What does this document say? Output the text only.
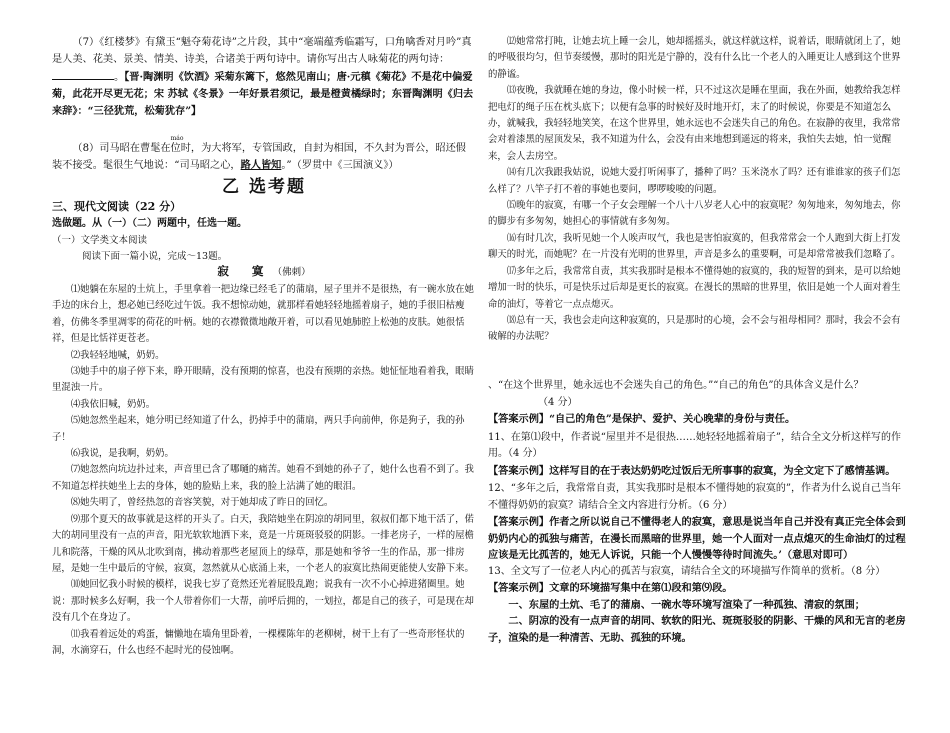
（7）《红楼梦》有黛玉“魁夺菊花诗”之片段，其中“毫端蕴秀临霜写，口角噙香对月吟”真是人美、花美、景美、情美、诗美，合诸美于两句诗中。请你写出古人咏菊花的两句诗：。【晋·陶渊明《饮酒》采菊东篱下，悠然见南山；唐·元稹《菊花》不是花中偏爱菊，此花开尽更无花；宋 苏轼《冬景》一年好景君须记，最是橙黄橘绿时；东晋陶渊明《归去来辞》：“三径犹荒，松菊犹存”】

（8）司马昭在曹
máo
髦在位时，为大将军，专管国政，自封为相国，不久封为晋公，昭还假装不接受。髦很生气地说：“司马昭之心，路人皆知。”（罗贯中《三国演义》）

乙 选考题
三、现代文阅读（22 分）
选做题。从（一）（二）两题中，任选一题。
（一）文学类文本阅读
阅读下面一篇小说，完成～13题。
寂　　寞 （佛刺）

⑴她躺在东屋的土炕上，手里拿着一把边缘已经毛了的蒲扇，屋子里并不是很热，有一碗水放在她手边的床台上，想必她已经吃过午饭。我不想惊动她，就那样看她轻轻地摇着扇子，她的手很旧枯瘦着，仿佛冬季里凋零的荷花的叶柄。她的衣襟微微地敞开着，可以看见她肺腔上松弛的皮肤。她很恬祥，但是比恬祥更苍老。

⑵我轻轻地喊，奶奶。

⑶她手中的扇子停下来，睁开眼睛，没有预期的惊喜，也没有预期的亲热。她怔怔地看着我，眼睛里混浊一片。

⑷我依旧喊，奶奶。

⑸她忽然坐起来，她分明已经知道了什么，扔掉手中的蒲扇，两只手向前伸，你是狗子，我的孙子！

⑹我说，是我啊，奶奶。

⑺她忽然向坑边扑过来，声音里已含了哪嗵的痛苦。她看不到她的孙子了，她什么也看不到了。我不知道怎样扶她坐上去的身体，她的脸贴上来，我的脸上沾满了她的眼泪。

⑻她失明了，曾经热忽的音容笑貌，对于她却成了昨日的回忆。

⑼那个夏天的故事就是这样的开头了。白天，我陪她坐在阴凉的胡同里，叙叔们都下地干活了，偌大的胡同里没有一点的声音，阳光软软地洒下来，竟是一片斑斑驳驳的阴影。一排老房子，一样的屋檐儿和院落，干燥的风从北吹到南，拂动着那些老屋顶上的绿草，那是她和爷爷一生的作品，那一排房屋，是她一生中最后的守候，寂寞，忽然就从心底涌上来，一个老人的寂寞比热闹更能使人安静下来。

⑽她回忆我小时候的模样，说我七岁了竟然还光着屁股乱跑；说我有一次不小心掉进猪圈里。她说：那时候多么好啊，我一个人带着你们一大帮，前呼后拥的，一划拉，都是自己的孩子，可是现在却没有几个在身边了。

⑾我看着远处的鸡蛋，慵懒地在墙角里卧着，一棵棵陈年的老柳树，树干上有了一些奇形怪状的洞，水滴穿石，什么也经不起时光的侵蚀啊。

⑿她常常打盹，让她去坑上睡一会儿，她却摇摇头，就这样就这样，说着话，眼睛就闭上了，她的呼吸很均匀，但节奏缓慢，那时的阳光是宁静的，没有什么比一个老人的入睡更让人感到这个世界的静谧。

⒀夜晚，我就睡在她的身边，像小时候一样，只不过这次是睡在里面，我在外面，她教给我怎样把电灯的绳子压在枕头底下；以便有急事的时候好及时地开灯，末了的时候说，你要是不知道怎么办，就喊我，我轻轻地笑笑，在这个世界里，她永远也不会迷失自己的角色。在寂静的夜里，我常常会对着漆黑的屋顶发呆，我不知道为什么，会没有由来地想到遥远的将来，我怕失去她，怕一觉醒来，会人去房空。

⒁有几次我跟我姑说，说她大爱打听闲事了，播种了吗？玉米浇水了吗？还有谁谁家的孩子们怎么样了？八竿子打不着的事她也要问，啰啰唆唆的问题。

⒂晚年的寂寞，有哪一个子女会理解一个八十八岁老人心中的寂寞呢？匆匆地来，匆匆地去，你的脚步有多匆匆，她担心的事情就有多匆匆。

⒃有时几次，我听见她一个人唉声叹气，我也是害怕寂寞的，但我常常会一个人跑到大街上打发聊天的时光，而她呢？在一片没有光明的世界里，声音是多么的重要啊，可是却常常被我们忽略了。

⒄多年之后，我常常自责，其实我那时是根本不懂得她的寂寞的，我的短智的到来，是可以给她增加一时的快乐，可是快乐过后却是更长的寂寞。在漫长的黑暗的世界里，依旧是她一个人面对着生命的油灯，等着它一点点熄灭。

⒅总有一天，我也会走向这种寂寞的，只是那时的心境，会不会与祖母相同？那时，我会不会有破解的办法呢？

、“在这个世界里，她永远也不会迷失自己的角色。”“自己的角色”的具体含义是什么？

（4 分）

【答案示例】“自己的角色”是保护、爱护、关心晚辈的身份与责任。

11、在第⑴段中，作者说“屋里并不是很热……她轻轻地摇着扇子”，结合全文分析这样写的作用。（4 分）

【答案示例】这样写目的在于表达奶奶吃过饭后无所事事的寂寞，为全文定下了感情基调。

12、“多年之后，我常常自责，其实我那时是根本不懂得她的寂寞的”，作者为什么说自己当年不懂得奶奶的寂寞？请结合全文内容进行分析。（6 分）

【答案示例】作者之所以说自己不懂得老人的寂寞，意思是说当年自己并没有真正完全体会到奶奶内心的孤独与痛苦，在漫长而黑暗的世界里，她一个人面对一点点熄灭的生命油灯的过程应该是无比孤苦的，她无人诉说，只能一个人慢慢等待时间流失。’（意思对即可）

13、全文写了一位老人内心的孤苦与寂寞，请结合全文的环境描写作简单的赏析。（8 分）

【答案示例】文章的环境描写集中在第⑴段和第⑼段。

一、东屋的土炕、毛了的蒲扇、一碗水等环境写渲染了一种孤独、清寂的氛围；

二、阴凉的没有一点声音的胡同、软软的阳光、斑斑驳驳的阴影、干燥的风和无言的老房子，渲染的是一种清苦、无助、孤独的环境。
